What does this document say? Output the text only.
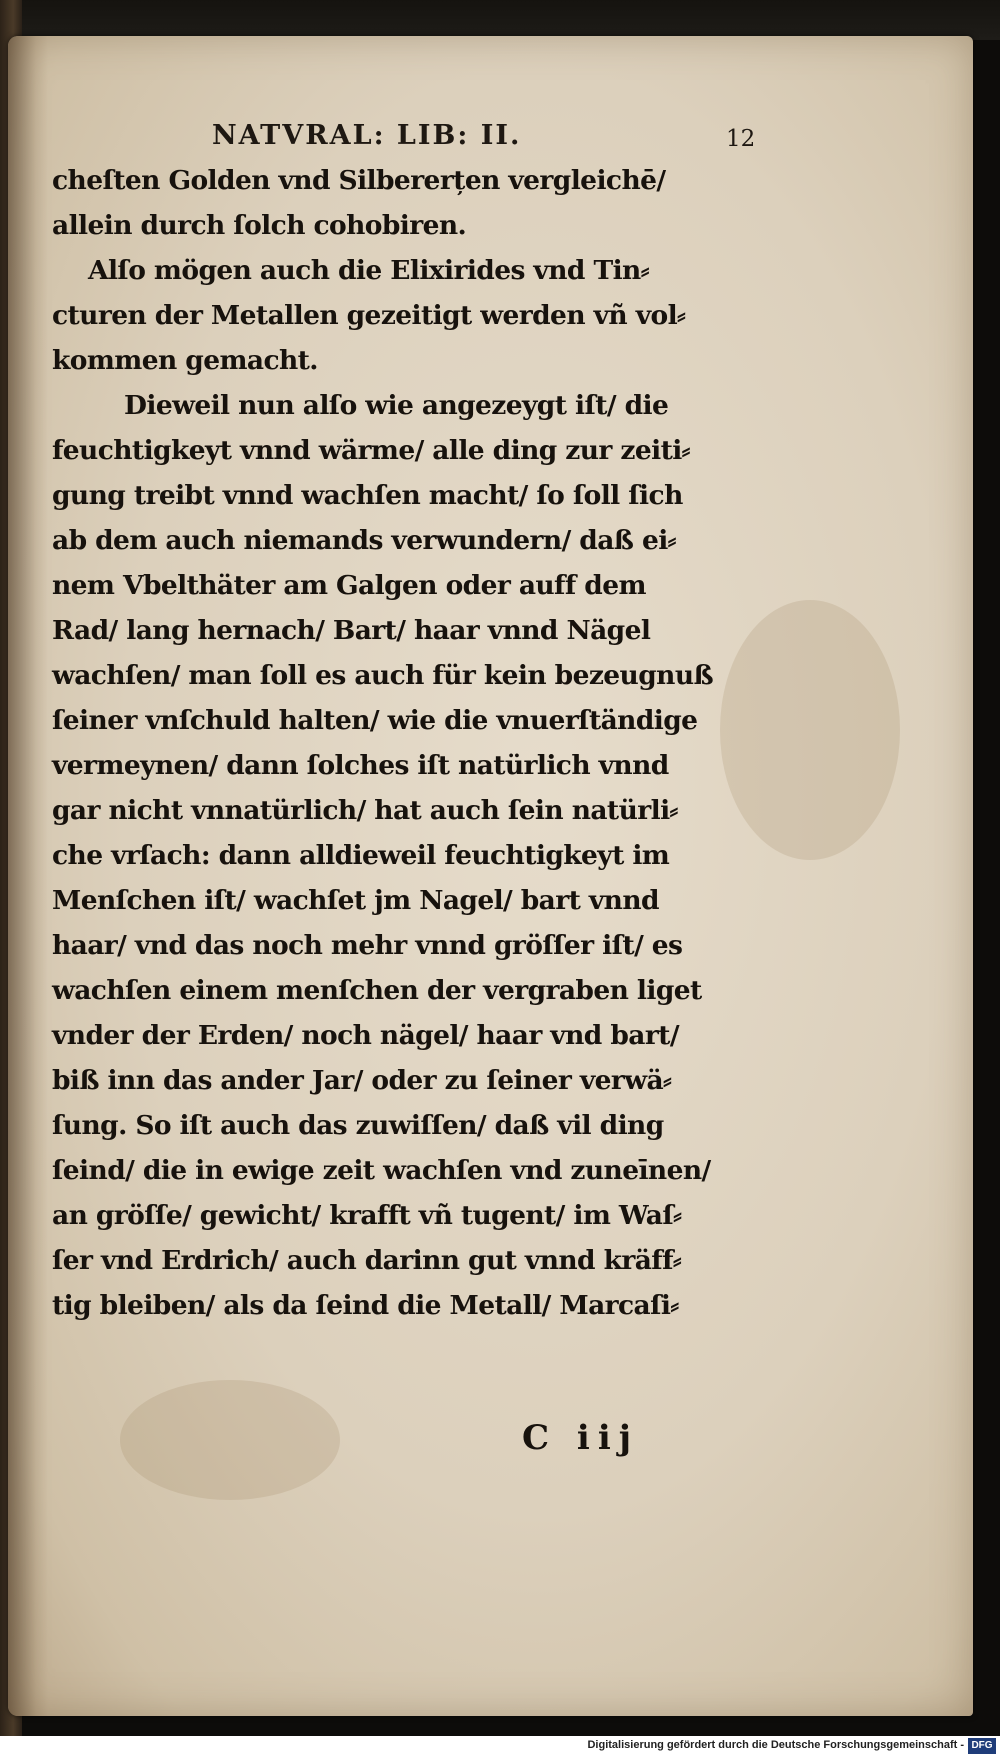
NATVRAL: LIB: II.	12
cheſten Golden vnd Silbererțen vergleichē/
allein durch ſolch cohobiren.
Alſo mögen auch die Elixirides vnd Tin⸗
cturen der Metallen gezeitigt werden vñ vol⸗
kommen gemacht.
Dieweil nun alſo wie angezeygt iſt/ die
feuchtigkeyt vnnd wärme/ alle ding zur zeiti⸗
gung treibt vnnd wachſen macht/ ſo ſoll ſich
ab dem auch niemands verwundern/ daß ei⸗
nem Vbelthäter am Galgen oder auff dem
Rad/ lang hernach/ Bart/ haar vnnd Nägel
wachſen/ man ſoll es auch für kein bezeugnuß
ſeiner vnſchuld halten/ wie die vnuerſtändige
vermeynen/ dann ſolches iſt natürlich vnnd
gar nicht vnnatürlich/ hat auch ſein natürli⸗
che vrſach: dann alldieweil feuchtigkeyt im
Menſchen iſt/ wachſet jm Nagel/ bart vnnd
haar/ vnd das noch mehr vnnd gröſſer iſt/ es
wachſen einem menſchen der vergraben liget
vnder der Erden/ noch nägel/ haar vnd bart/
biß inn das ander Jar/ oder zu ſeiner verwä⸗
ſung. So iſt auch das zuwiſſen/ daß vil ding
ſeind/ die in ewige zeit wachſen vnd zuneīnen/
an gröſſe/ gewicht/ krafft vñ tugent/ im Waſ⸗
ſer vnd Erdrich/ auch darinn gut vnnd kräff⸗
tig bleiben/ als da ſeind die Metall/ Marcaſi⸗
C iij
Digitalisierung gefördert durch die Deutsche Forschungsgemeinschaft - DFG
